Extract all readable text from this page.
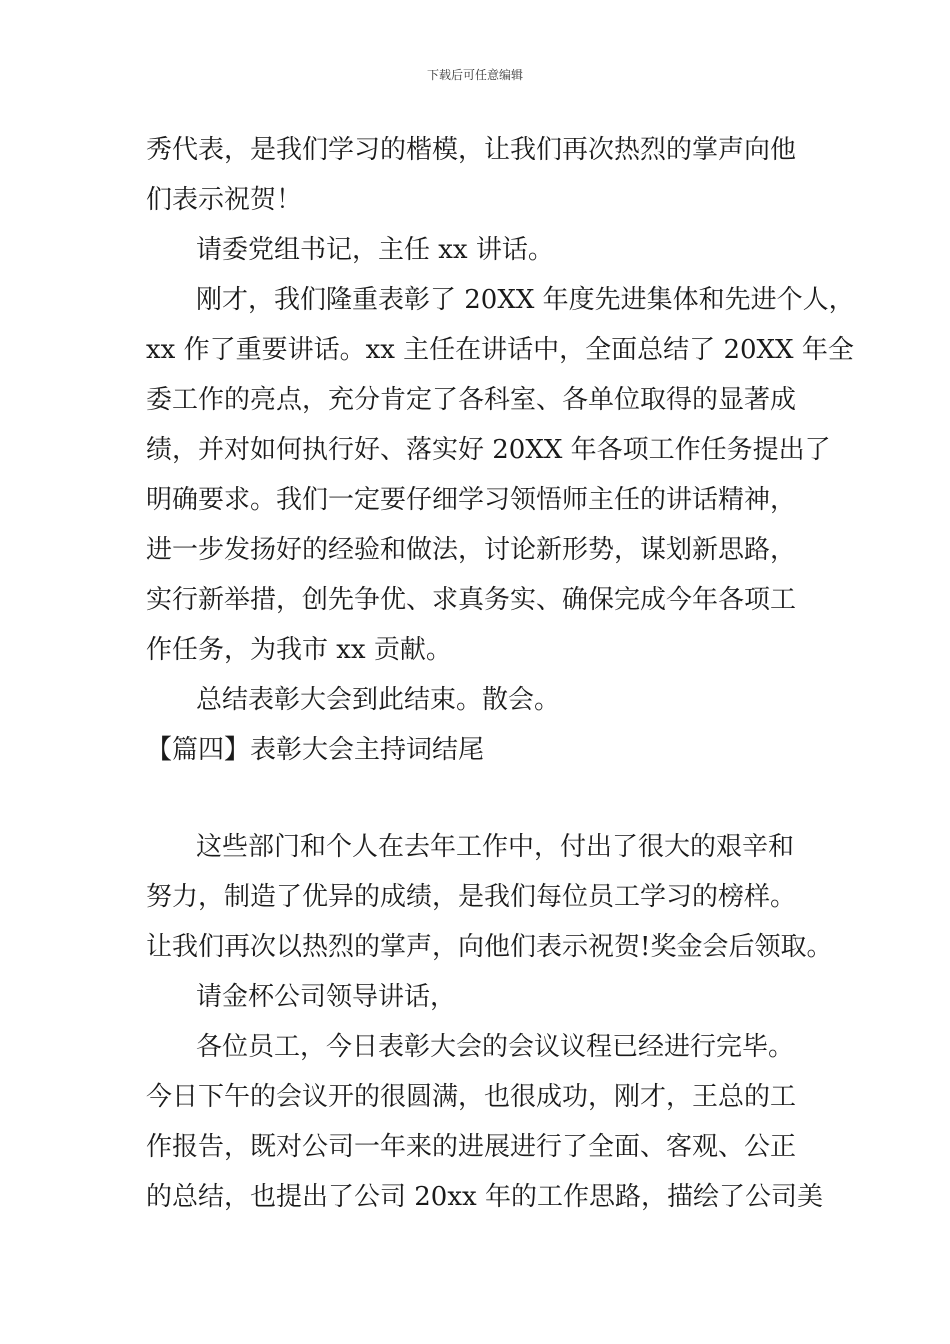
下载后可任意编辑
秀代表，是我们学习的楷模，让我们再次热烈的掌声向他
们表示祝贺！
请委党组书记，主任 xx 讲话。
刚才，我们隆重表彰了 20XX 年度先进集体和先进个人，
xx 作了重要讲话。xx 主任在讲话中，全面总结了 20XX 年全
委工作的亮点，充分肯定了各科室、各单位取得的显著成
绩，并对如何执行好、落实好 20XX 年各项工作任务提出了
明确要求。我们一定要仔细学习领悟师主任的讲话精神，
进一步发扬好的经验和做法，讨论新形势，谋划新思路，
实行新举措，创先争优、求真务实、确保完成今年各项工
作任务，为我市 xx 贡献。
总结表彰大会到此结束。散会。
【篇四】表彰大会主持词结尾
这些部门和个人在去年工作中，付出了很大的艰辛和
努力，制造了优异的成绩，是我们每位员工学习的榜样。
让我们再次以热烈的掌声，向他们表示祝贺!奖金会后领取。
请金杯公司领导讲话，
各位员工，今日表彰大会的会议议程已经进行完毕。
今日下午的会议开的很圆满，也很成功，刚才，王总的工
作报告，既对公司一年来的进展进行了全面、客观、公正
的总结，也提出了公司 20xx 年的工作思路，描绘了公司美
